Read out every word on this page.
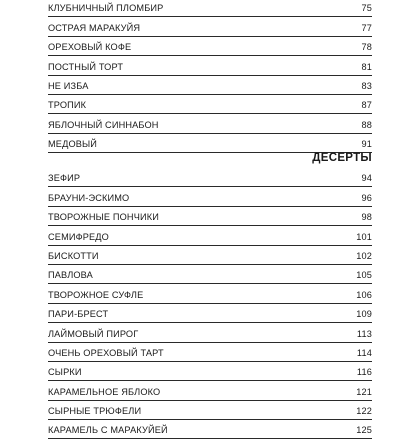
КЛУБНИЧНЫЙ ПЛОМБИР	75
ОСТРАЯ МАРАКУЙЯ	77
ОРЕХОВЫЙ КОФЕ	78
ПОСТНЫЙ ТОРТ	81
НЕ ИЗБА	83
ТРОПИК	87
ЯБЛОЧНЫЙ СИННАБОН	88
МЕДОВЫЙ	91
ДЕСЕРТЫ
ЗЕФИР	94
БРАУНИ-ЭСКИМО	96
ТВОРОЖНЫЕ ПОНЧИКИ	98
СЕМИФРЕДО	101
БИСКОТТИ	102
ПАВЛОВА	105
ТВОРОЖНОЕ СУФЛЕ	106
ПАРИ-БРЕСТ	109
ЛАЙМОВЫЙ ПИРОГ	113
ОЧЕНЬ ОРЕХОВЫЙ ТАРТ	114
СЫРКИ	116
КАРАМЕЛЬНОЕ ЯБЛОКО	121
СЫРНЫЕ ТРЮФЕЛИ	122
КАРАМЕЛЬ С МАРАКУЙЕЙ	125
